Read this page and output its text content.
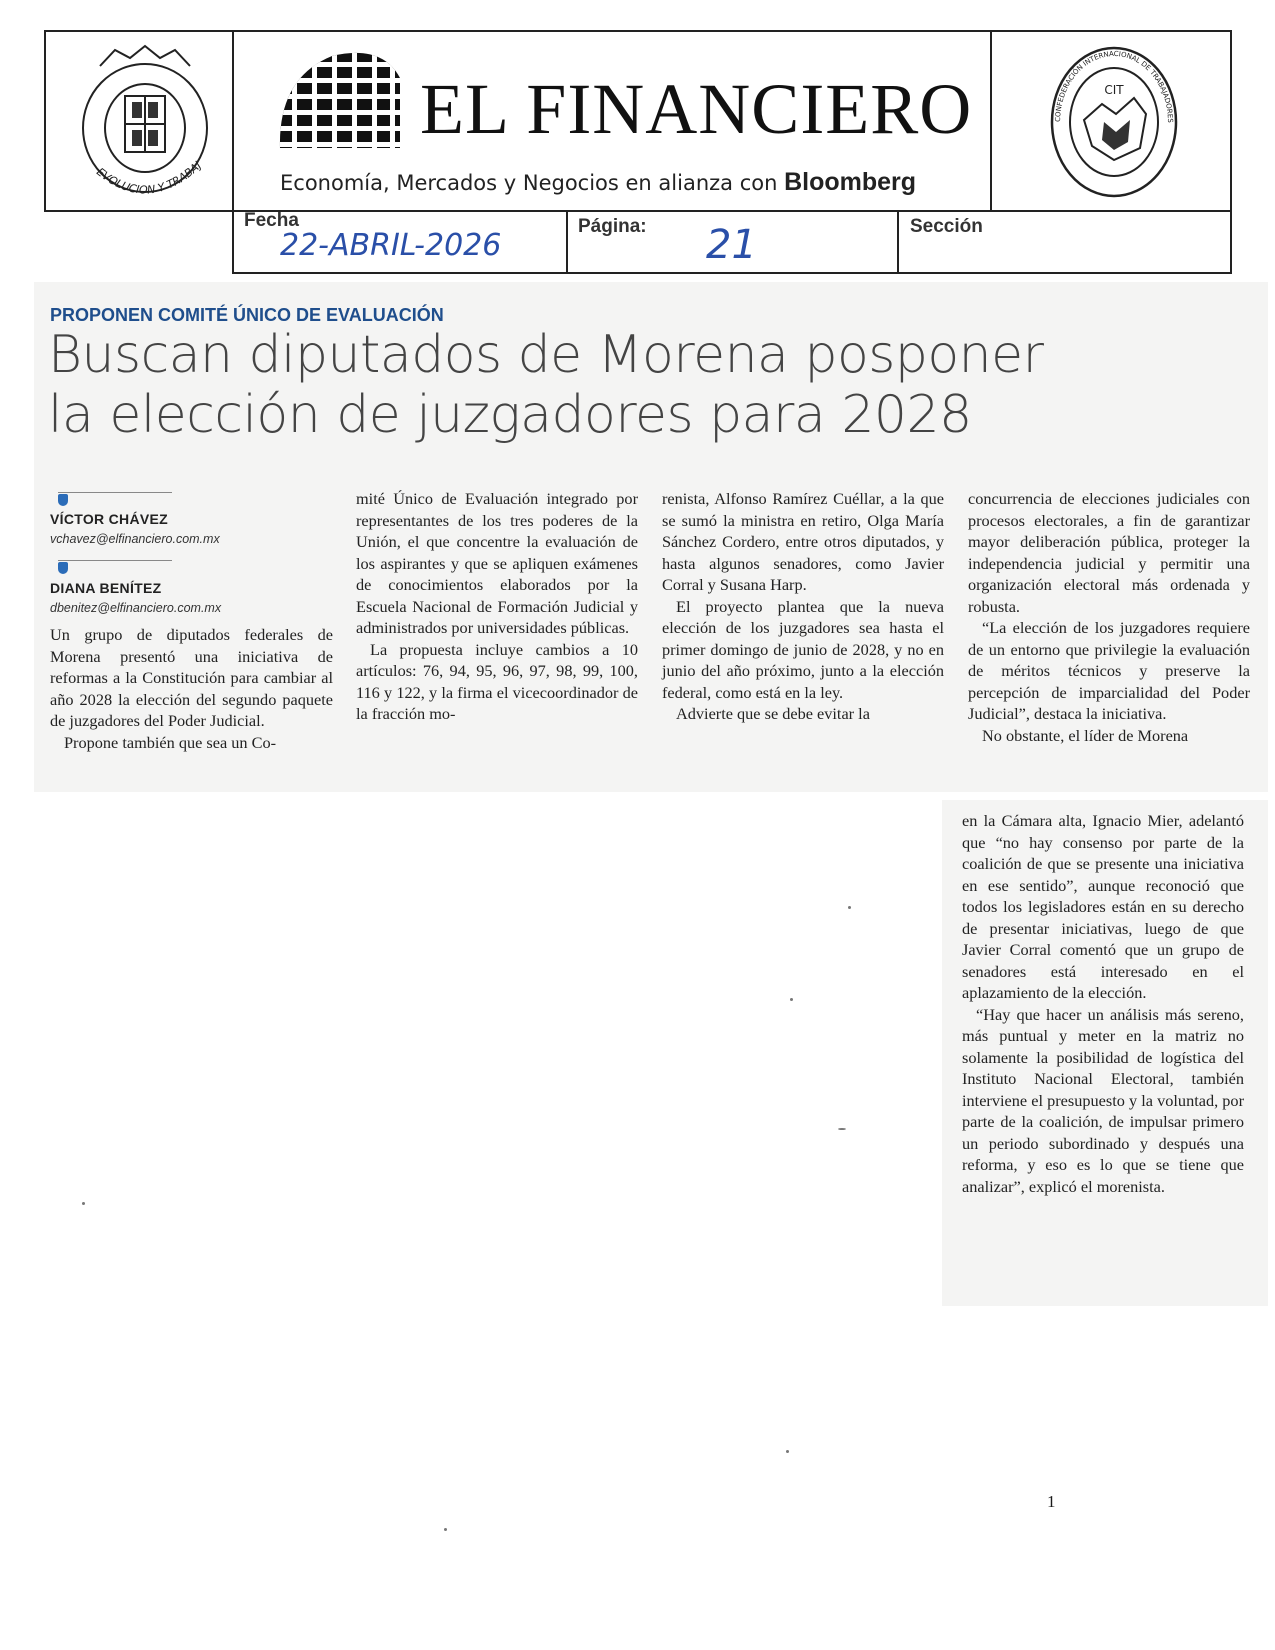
EVOLUCION Y TRABAJ
EL FINANCIERO
Economía, Mercados y Negocios en alianza con Bloomberg
CIT
CONFEDERACIÓN INTERNACIONAL DE TRABAJADORES
Fecha
22-ABRIL-2026
Página: 21	Sección
PROPONEN COMITÉ ÚNICO DE EVALUACIÓN
Buscan diputados de Morena posponer
la elección de juzgadores para 2028
VÍCTOR CHÁVEZ
vchavez@elfinanciero.com.mx
DIANA BENÍTEZ
dbenitez@elfinanciero.com.mx

Un grupo de diputados federales de Morena presentó una iniciativa de reformas a la Constitución para cambiar al año 2028 la elección del segundo paquete de juzgadores del Poder Judicial.

Propone también que sea un Co-

mité Único de Evaluación integrado por representantes de los tres poderes de la Unión, el que concentre la evaluación de los aspirantes y que se apliquen exámenes de conocimientos elaborados por la Escuela Nacional de Formación Judicial y administrados por universidades públicas.

La propuesta incluye cambios a 10 artículos: 76, 94, 95, 96, 97, 98, 99, 100, 116 y 122, y la firma el vicecoordinador de la fracción mo-

renista, Alfonso Ramírez Cuéllar, a la que se sumó la ministra en retiro, Olga María Sánchez Cordero, entre otros diputados, y hasta algunos senadores, como Javier Corral y Susana Harp.

El proyecto plantea que la nueva elección de los juzgadores sea hasta el primer domingo de junio de 2028, y no en junio del año próximo, junto a la elección federal, como está en la ley.

Advierte que se debe evitar la

concurrencia de elecciones judiciales con procesos electorales, a fin de garantizar mayor deliberación pública, proteger la independencia judicial y permitir una organización electoral más ordenada y robusta.

“La elección de los juzgadores requiere de un entorno que privilegie la evaluación de méritos técnicos y preserve la percepción de imparcialidad del Poder Judicial”, destaca la iniciativa.

No obstante, el líder de Morena

en la Cámara alta, Ignacio Mier, adelantó que “no hay consenso por parte de la coalición de que se presente una iniciativa en ese sentido”, aunque reconoció que todos los legisladores están en su derecho de presentar iniciativas, luego de que Javier Corral comentó que un grupo de senadores está interesado en el aplazamiento de la elección.

“Hay que hacer un análisis más sereno, más puntual y meter en la matriz no solamente la posibilidad de logística del Instituto Nacional Electoral, también interviene el presupuesto y la voluntad, por parte de la coalición, de impulsar primero un periodo subordinado y después una reforma, y eso es lo que se tiene que analizar”, explicó el morenista.

1
